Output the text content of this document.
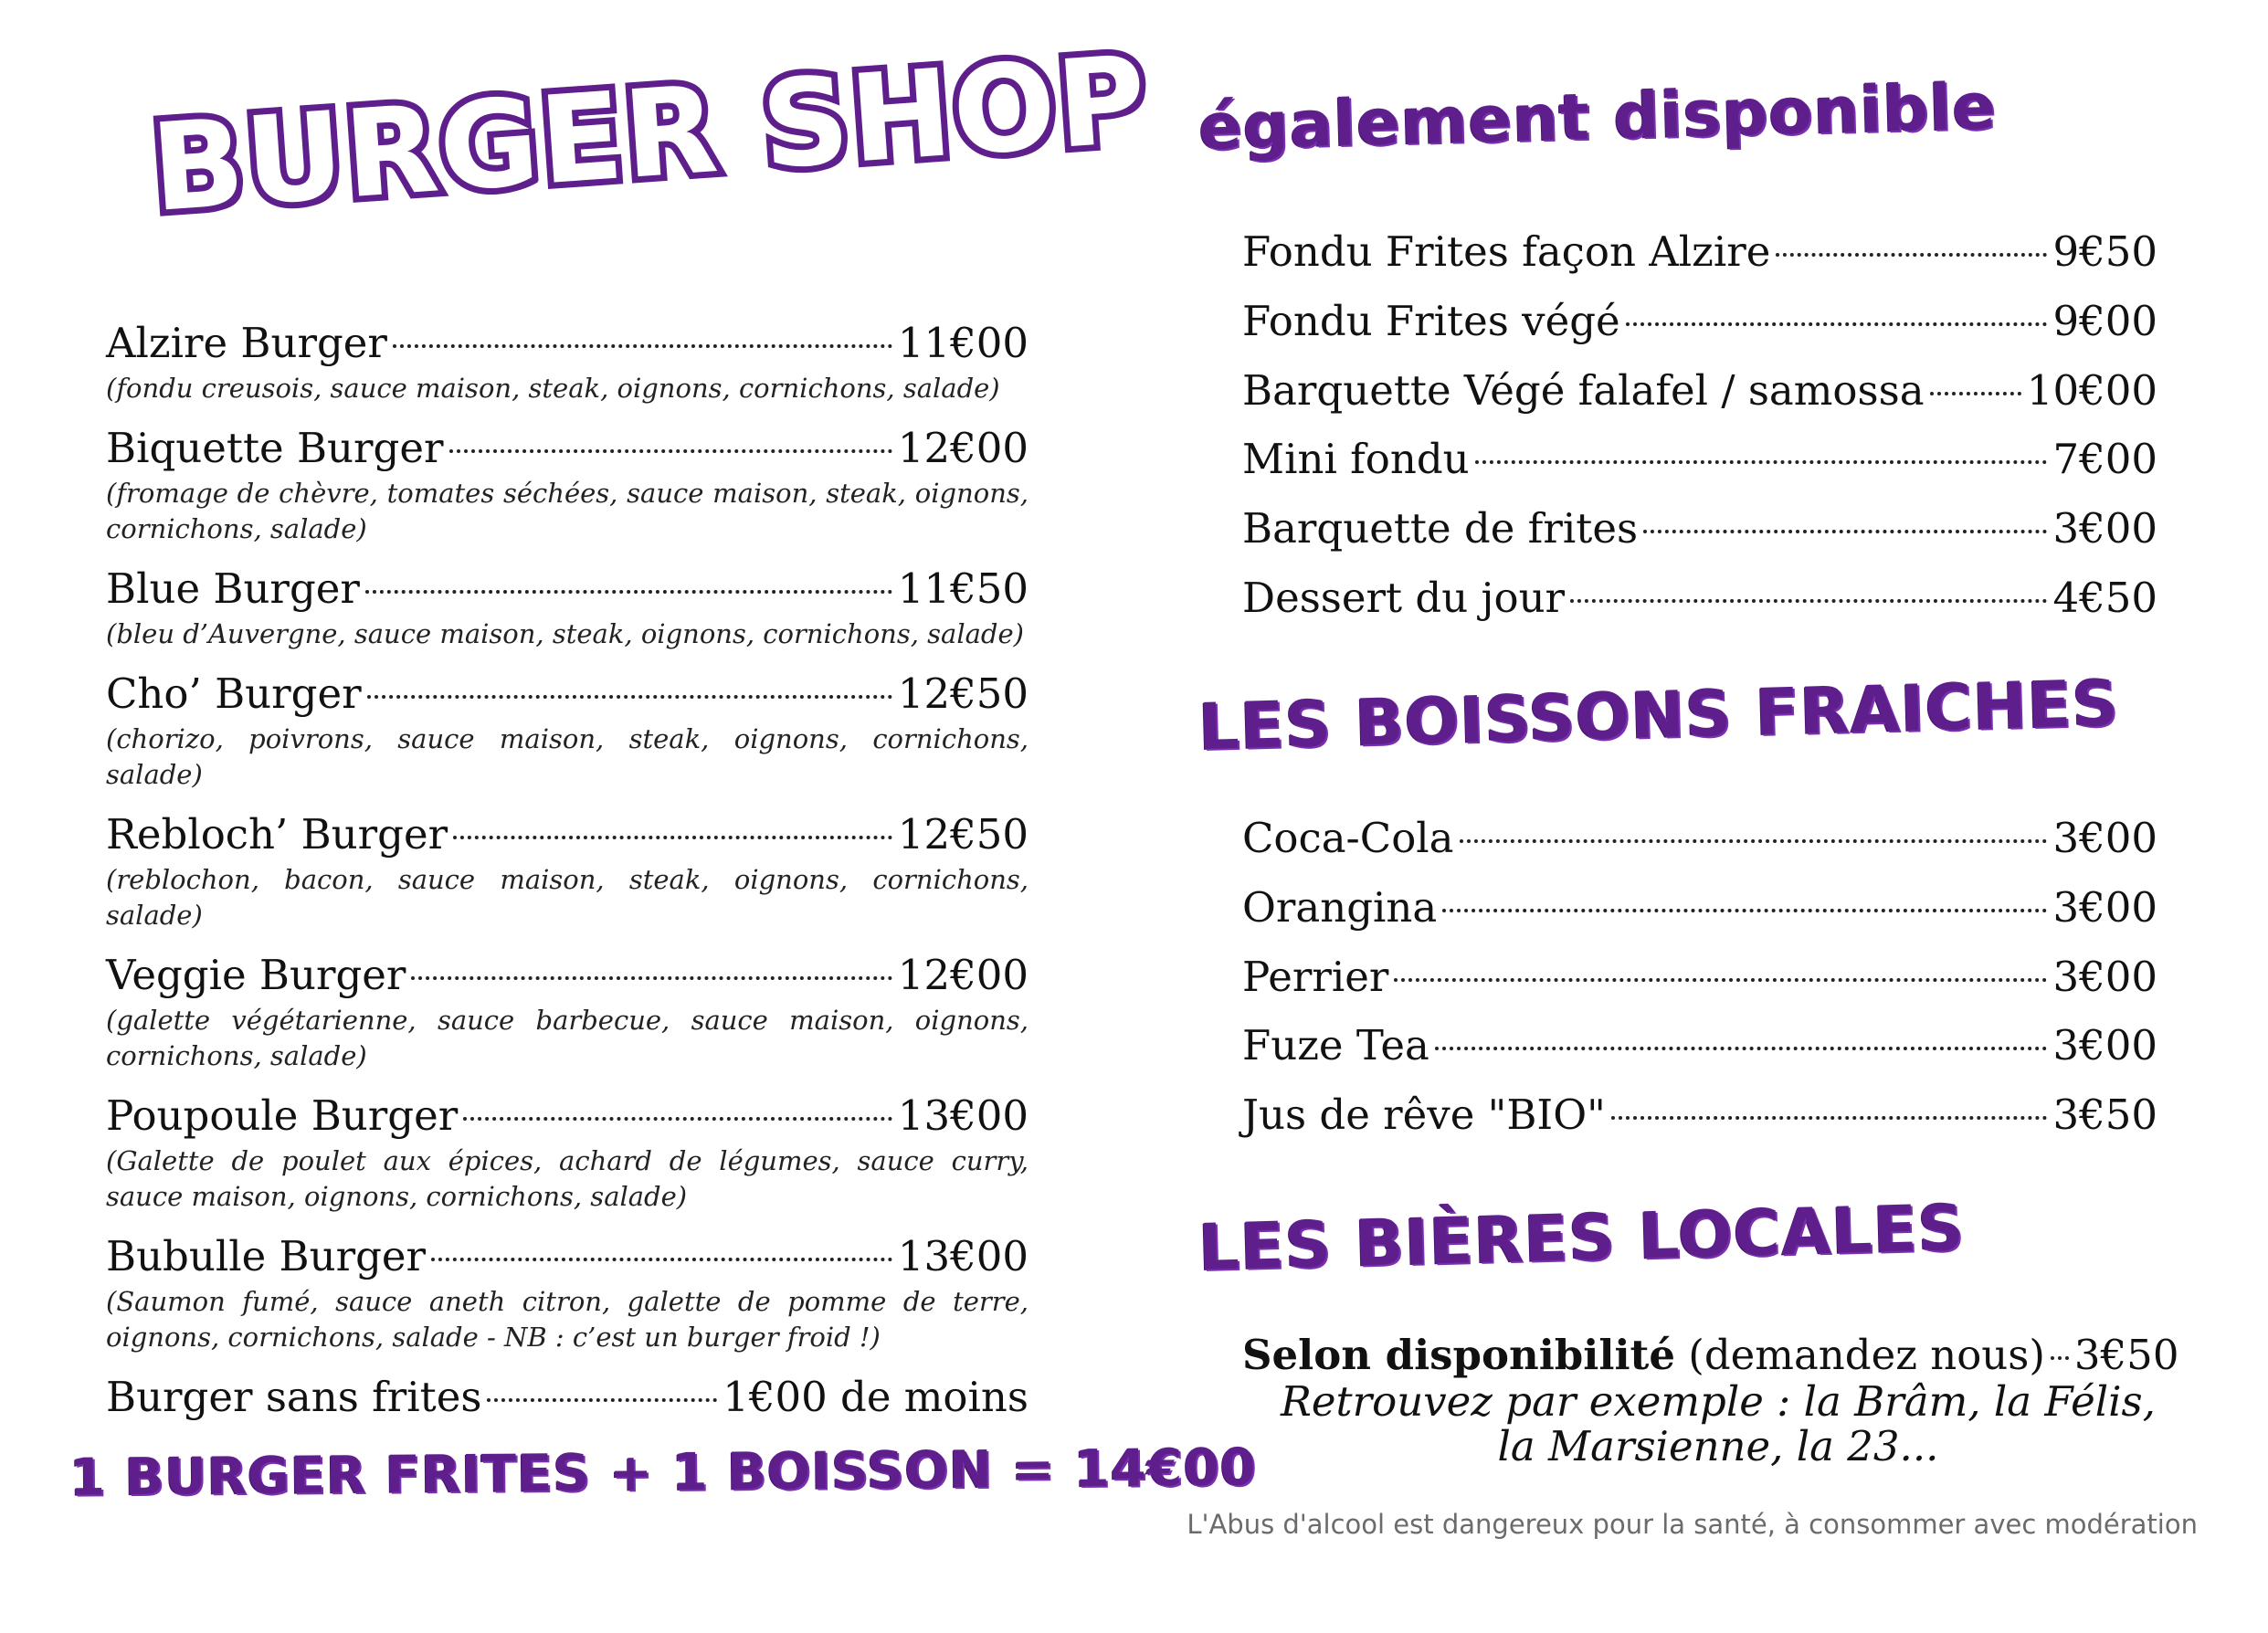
BURGER SHOP
Alzire Burger	11€00
(fondu creusois, sauce maison, steak, oignons, cornichons, salade)
Biquette Burger	12€00
(fromage de chèvre, tomates séchées, sauce maison, steak, oignons, cornichons, salade)
Blue Burger	11€50
(bleu d’Auvergne, sauce maison, steak, oignons, cornichons, salade)
Cho’ Burger	12€50
(chorizo, poivrons, sauce maison, steak, oignons, cornichons, salade)
Rebloch’ Burger	12€50
(reblochon, bacon, sauce maison, steak, oignons, cornichons, salade)
Veggie Burger	12€00
(galette végétarienne, sauce barbecue, sauce maison, oignons, cornichons, salade)
Poupoule Burger	13€00
(Galette de poulet aux épices, achard de légumes, sauce curry, sauce maison, oignons, cornichons, salade)
Bubulle Burger	13€00
(Saumon fumé, sauce aneth citron, galette de pomme de terre, oignons, cornichons, salade - NB : c’est un burger froid !)
Burger sans frites	1€00 de moins
1 BURGER FRITES + 1 BOISSON = 14€00
également disponible
Fondu Frites façon Alzire	9€50
Fondu Frites végé	9€00
Barquette Végé falafel / samossa 10€00
Mini fondu	7€00
Barquette de frites	3€00
Dessert du jour	4€50
LES BOISSONS FRAICHES
Coca-Cola	3€00
Orangina	3€00
Perrier	3€00
Fuze Tea	3€00
Jus de rêve "BIO"	3€50
LES BIÈRES LOCALES
Selon disponibilité (demandez nous) 3€50

Retrouvez par exemple : la Brâm, la Félis, la Marsienne, la 23...

L'Abus d'alcool est dangereux pour la santé, à consommer avec modération
